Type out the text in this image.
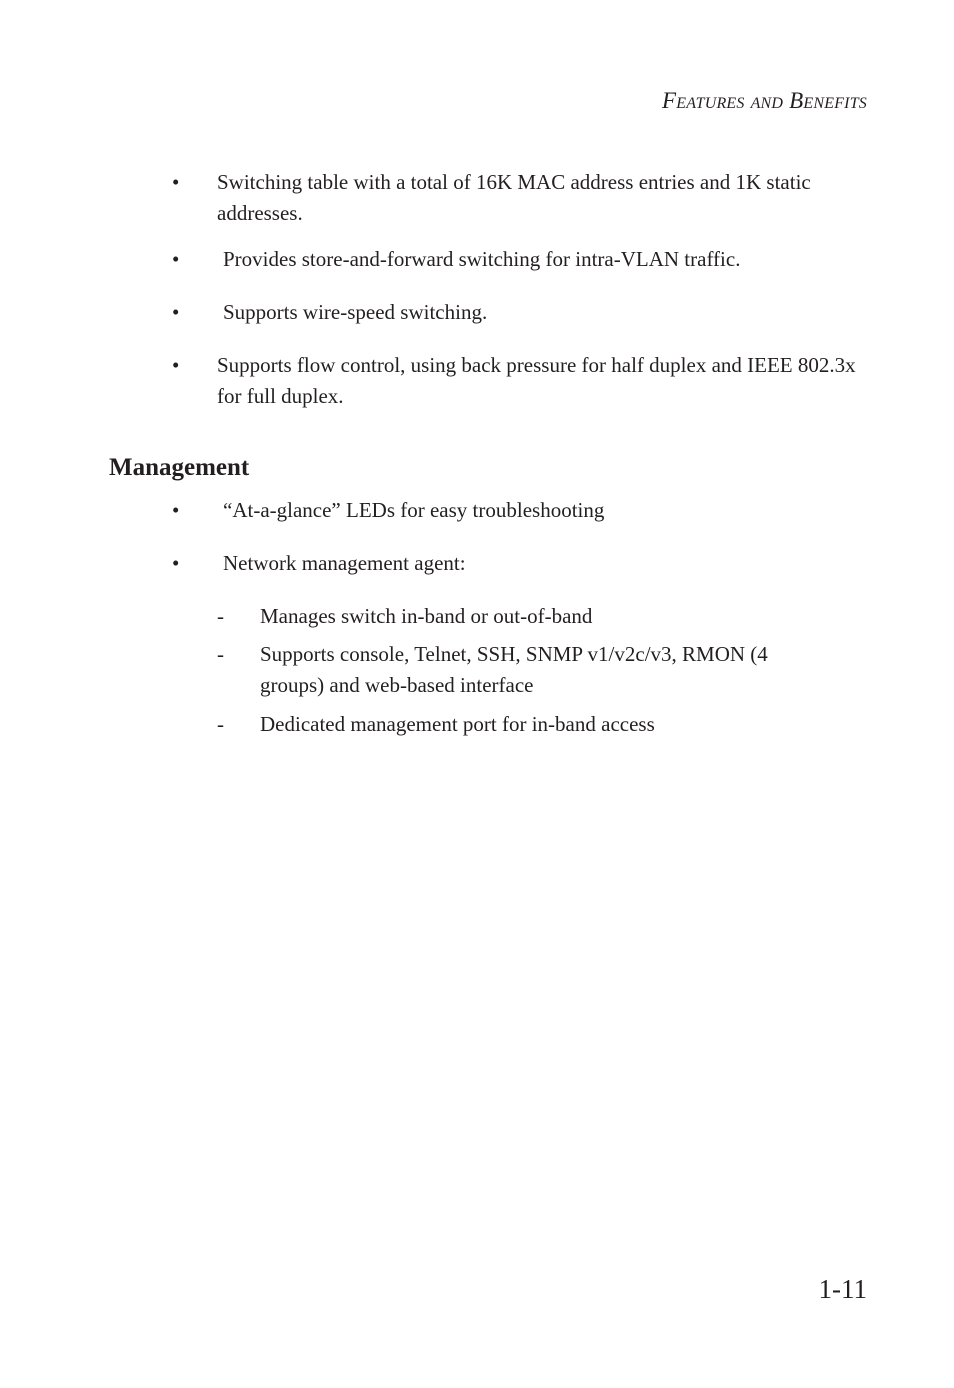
FEATURES AND BENEFITS
• Switching table with a total of 16K MAC address entries and 1K static addresses.
• Provides store-and-forward switching for intra-VLAN traffic.
• Supports wire-speed switching.
• Supports flow control, using back pressure for half duplex and IEEE 802.3x for full duplex.
Management
• “At-a-glance” LEDs for easy troubleshooting
• Network management agent:
- Manages switch in-band or out-of-band
- Supports console, Telnet, SSH, SNMP v1/v2c/v3, RMON (4 groups) and web-based interface
- Dedicated management port for in-band access
1-11
